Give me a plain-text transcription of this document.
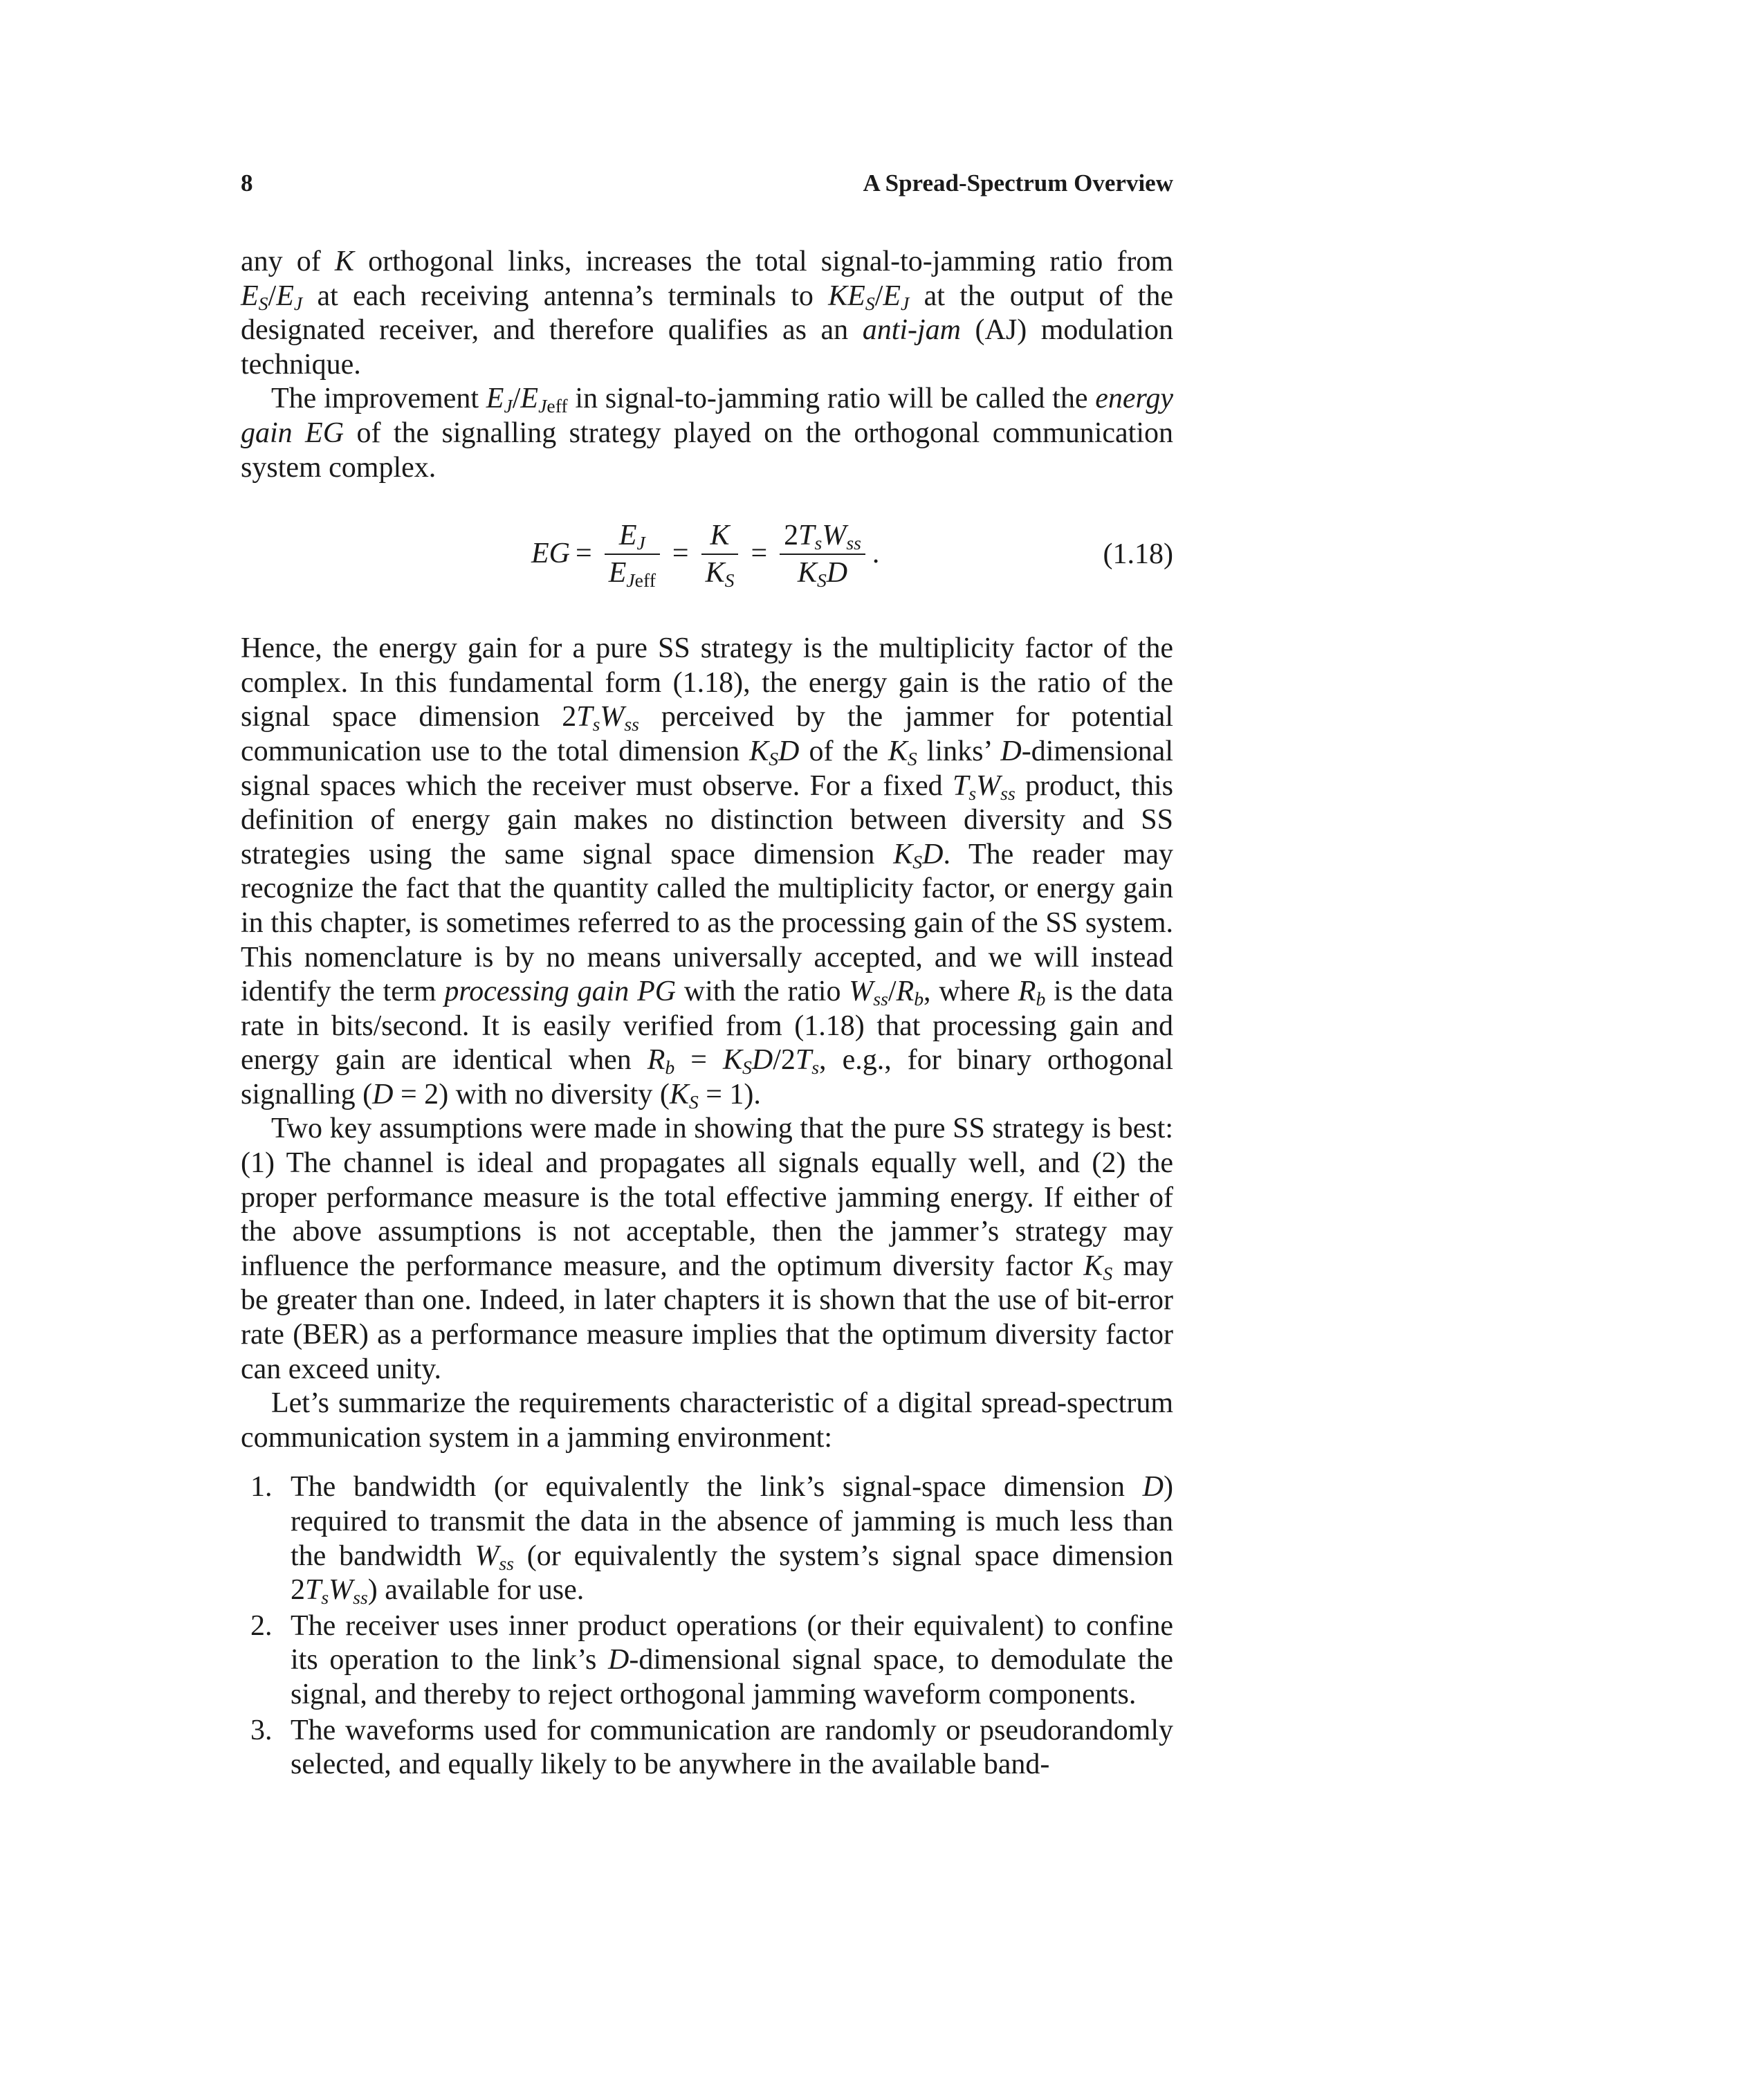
8	A Spread-Spectrum Overview

any of K orthogonal links, increases the total signal-to-jamming ratio from $E_S/E_J$ at each receiving antenna’s terminals to $KE_S/E_J$ at the output of the designated receiver, and therefore qualifies as an anti-jam (AJ) modulation technique.

The improvement $E_J/E_{Jeff}$ in signal-to-jamming ratio will be called the energy gain EG of the signalling strategy played on the orthogonal communication system complex.

EG = $\frac{E_J}{E_{Jeff}} = \frac{K}{K_S} = \frac{2T_sW_{ss}}{K_SD}$ .	(1.18)

Hence, the energy gain for a pure SS strategy is the multiplicity factor of the complex. In this fundamental form (1.18), the energy gain is the ratio of the signal space dimension $2T_sW_{ss}$ perceived by the jammer for potential communication use to the total dimension $K_SD$ of the $K_S$ links’ D-dimensional signal spaces which the receiver must observe. For a fixed $T_sW_{ss}$ product, this definition of energy gain makes no distinction between diversity and SS strategies using the same signal space dimension $K_SD$. The reader may recognize the fact that the quantity called the multiplicity factor, or energy gain in this chapter, is sometimes referred to as the processing gain of the SS system. This nomenclature is by no means universally accepted, and we will instead identify the term processing gain PG with the ratio $W_{ss}/R_b$, where $R_b$ is the data rate in bits/second. It is easily verified from (1.18) that processing gain and energy gain are identical when $R_b = K_SD/2T_s$, e.g., for binary orthogonal signalling (D = 2) with no diversity $(K_S = 1)$.

Two key assumptions were made in showing that the pure SS strategy is best: (1) The channel is ideal and propagates all signals equally well, and (2) the proper performance measure is the total effective jamming energy. If either of the above assumptions is not acceptable, then the jammer’s strategy may influence the performance measure, and the optimum diversity factor $K_S$ may be greater than one. Indeed, in later chapters it is shown that the use of bit-error rate (BER) as a performance measure implies that the optimum diversity factor can exceed unity.

Let’s summarize the requirements characteristic of a digital spread-spectrum communication system in a jamming environment:

1. The bandwidth (or equivalently the link’s signal-space dimension D) required to transmit the data in the absence of jamming is much less than the bandwidth $W_{ss}$ (or equivalently the system’s signal space dimension $2T_sW_{ss}$) available for use.
2. The receiver uses inner product operations (or their equivalent) to confine its operation to the link’s D-dimensional signal space, to demodulate the signal, and thereby to reject orthogonal jamming waveform components.
3. The waveforms used for communication are randomly or pseudorandomly selected, and equally likely to be anywhere in the available band-
